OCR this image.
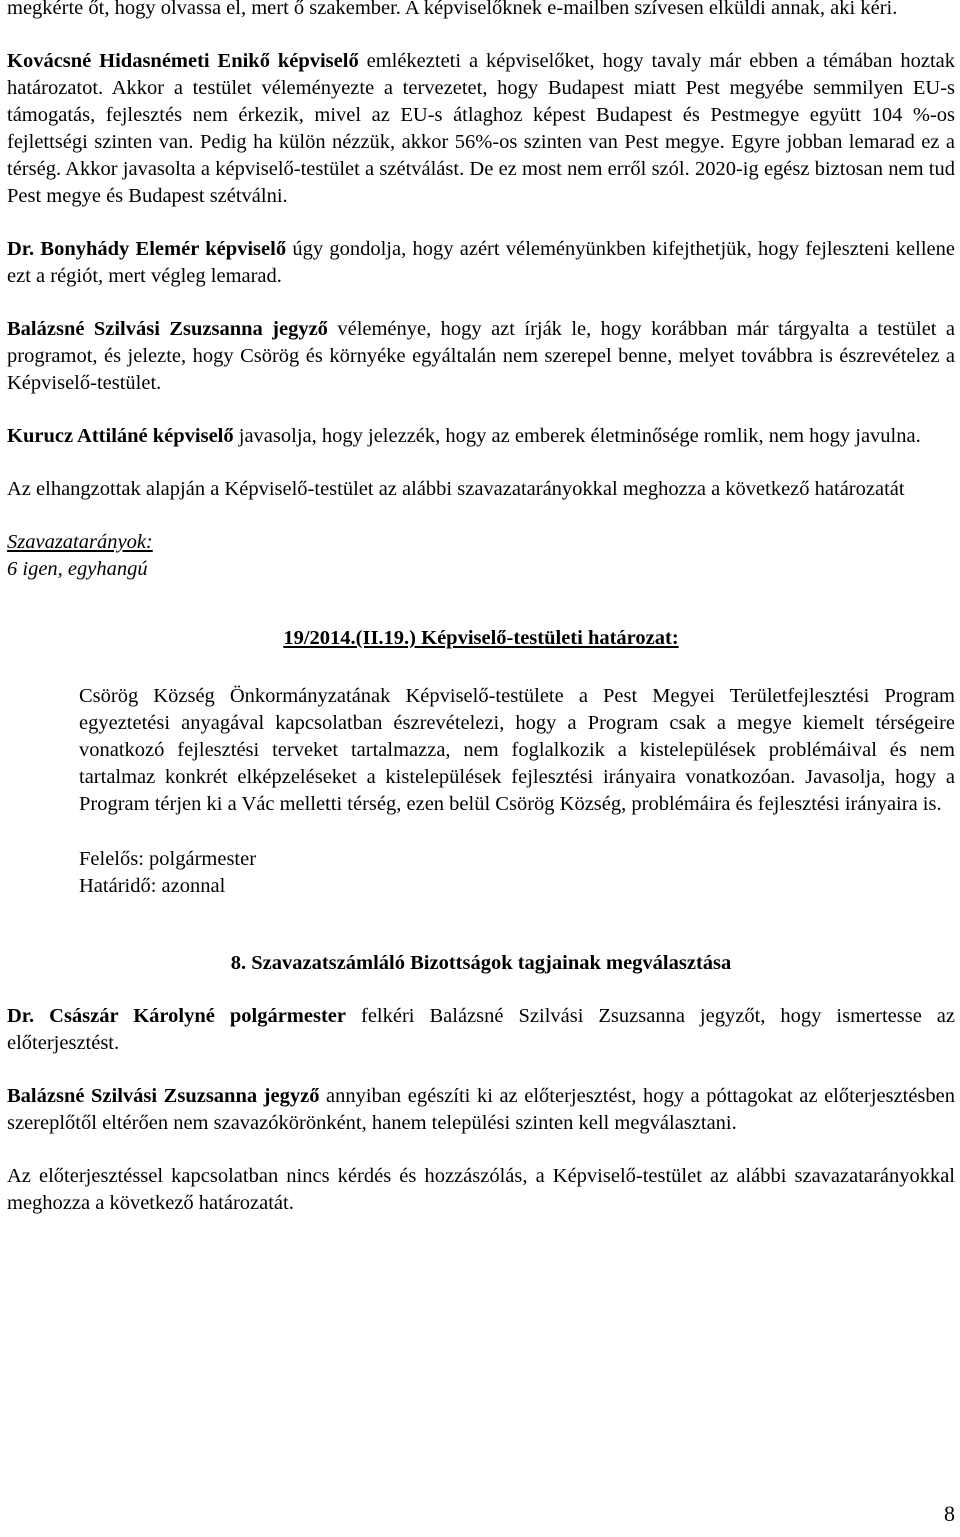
megkérte őt, hogy olvassa el, mert ő szakember. A képviselőknek e-mailben szívesen elküldi annak, aki kéri.

Kovácsné Hidasnémeti Enikő képviselő emlékezteti a képviselőket, hogy tavaly már ebben a témában hoztak határozatot. Akkor a testület véleményezte a tervezetet, hogy Budapest miatt Pest megyébe semmilyen EU-s támogatás, fejlesztés nem érkezik, mivel az EU-s átlaghoz képest Budapest és Pestmegye együtt 104 %-os fejlettségi szinten van. Pedig ha külön nézzük, akkor 56%-os szinten van Pest megye. Egyre jobban lemarad ez a térség. Akkor javasolta a képviselő-testület a szétválást. De ez most nem erről szól. 2020-ig egész biztosan nem tud Pest megye és Budapest szétválni.

Dr. Bonyhády Elemér képviselő úgy gondolja, hogy azért véleményünkben kifejthetjük, hogy fejleszteni kellene ezt a régiót, mert végleg lemarad.

Balázsné Szilvási Zsuzsanna jegyző véleménye, hogy azt írják le, hogy korábban már tárgyalta a testület a programot, és jelezte, hogy Csörög és környéke egyáltalán nem szerepel benne, melyet továbbra is észrevételez a Képviselő-testület.

Kurucz Attiláné képviselő javasolja, hogy jelezzék, hogy az emberek életminősége romlik, nem hogy javulna.

Az elhangzottak alapján a Képviselő-testület az alábbi szavazatarányokkal meghozza a következő határozatát

Szavazatarányok:
6 igen, egyhangú
19/2014.(II.19.) Képviselő-testületi határozat:
Csörög Község Önkormányzatának Képviselő-testülete a Pest Megyei Területfejlesztési Program egyeztetési anyagával kapcsolatban észrevételezi, hogy a Program csak a megye kiemelt térségeire vonatkozó fejlesztési terveket tartalmazza, nem foglalkozik a kistelepülések problémáival és nem tartalmaz konkrét elképzeléseket a kistelepülések fejlesztési irányaira vonatkozóan. Javasolja, hogy a Program térjen ki a Vác melletti térség, ezen belül Csörög Község, problémáira és fejlesztési irányaira is.
Felelős: polgármester
Határidő: azonnal
8. Szavazatszámláló Bizottságok tagjainak megválasztása

Dr. Császár Károlyné polgármester felkéri Balázsné Szilvási Zsuzsanna jegyzőt, hogy ismertesse az előterjesztést.

Balázsné Szilvási Zsuzsanna jegyző annyiban egészíti ki az előterjesztést, hogy a póttagokat az előterjesztésben szereplőtől eltérően nem szavazókörönként, hanem települési szinten kell megválasztani.

Az előterjesztéssel kapcsolatban nincs kérdés és hozzászólás, a Képviselő-testület az alábbi szavazatarányokkal meghozza a következő határozatát.

8
